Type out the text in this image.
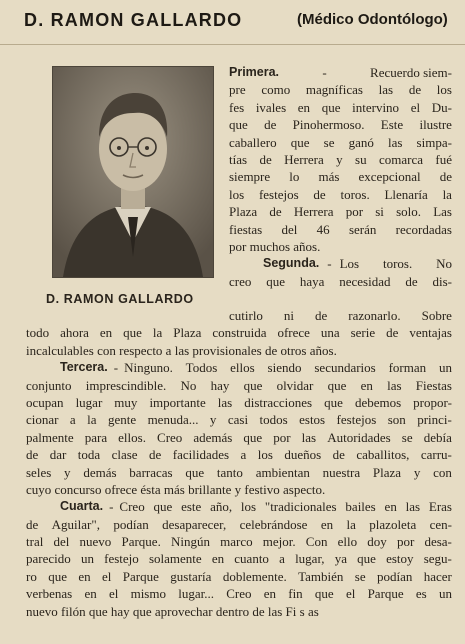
D. RAMON GALLARDO	(Médico Odontólogo)
D. RAMON GALLARDO
Primera.	-	Recuerdo siem-
pre como magníficas las de los
fes ivales en que intervino el Du-
que de Pinohermoso. Este ilustre
caballero que se ganó las simpa-
tías de Herrera y su comarca fué
siempre lo más excepcional de
los festejos de toros. Llenaría la
Plaza de Herrera por si solo. Las
fiestas del 46 serán recordadas
por muchos años.
Segunda. - Los toros. No
creo que haya necesidad de dis-
cutirlo ni de razonarlo. Sobre
todo ahora en que la Plaza construida ofrece una serie de ventajas
incalculables con respecto a las provisionales de otros años.
Tercera. - Ninguno. Todos ellos siendo secundarios forman un
conjunto imprescindible. No hay que olvidar que en las Fiestas
ocupan lugar muy importante las distracciones que debemos propor-
cionar a la gente menuda... y casi todos estos festejos son princi-
palmente para ellos. Creo además que por las Autoridades se debía
de dar toda clase de facilidades a los dueños de caballitos, carru-
seles y demás barracas que tanto ambientan nuestra Plaza y con
cuyo concurso ofrece ésta más brillante y festivo aspecto.
Cuarta. - Creo que este año, los "tradicionales bailes en las Eras
de Aguilar", podían desaparecer, celebrándose en la plazoleta cen-
tral del nuevo Parque. Ningún marco mejor. Con ello doy por desa-
parecido un festejo solamente en cuanto a lugar, ya que estoy segu-
ro que en el Parque gustaría doblemente. También se podían hacer
verbenas en el mismo lugar... Creo en fin que el Parque es un
nuevo filón que hay que aprovechar dentro de las Fi s as
